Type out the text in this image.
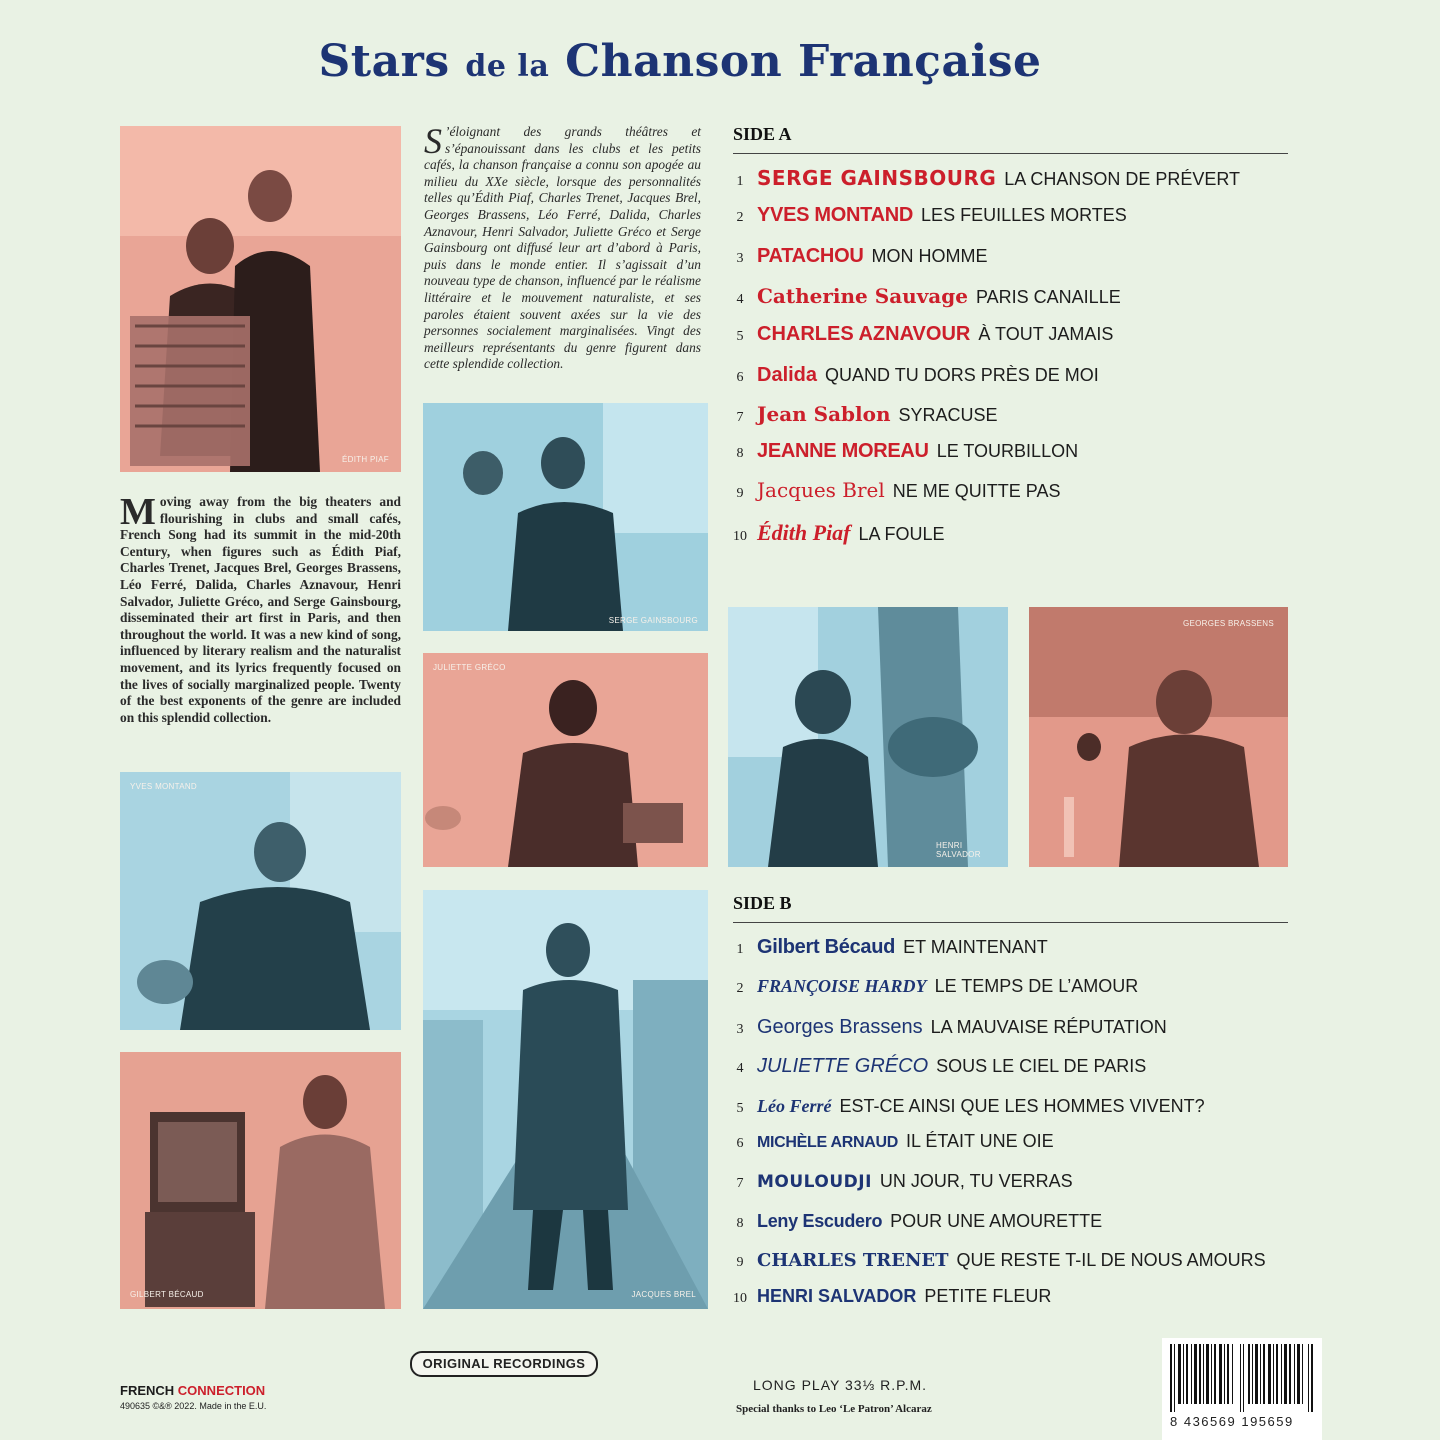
Stars de la Chanson Française
ÉDITH PIAF
Moving away from the big theaters and flourishing in clubs and small cafés, French Song had its summit in the mid-20th Century, when figures such as Édith Piaf, Charles Trenet, Jacques Brel, Georges Brassens, Léo Ferré, Dalida, Charles Aznavour, Henri Salvador, Juliette Gréco, and Serge Gainsbourg, disseminated their art first in Paris, and then throughout the world. It was a new kind of song, influenced by literary realism and the naturalist movement, and its lyrics frequently focused on the lives of socially marginalized people. Twenty of the best exponents of the genre are included on this splendid collection.
YVES MONTAND
GILBERT BÉCAUD
S ’éloignant des grands théâtres et s’épanouissant dans les clubs et les petits cafés, la chanson française a connu son apogée au milieu du XXe siècle, lorsque des personnalités telles qu’Édith Piaf, Charles Trenet, Jacques Brel, Georges Brassens, Léo Ferré, Dalida, Charles Aznavour, Henri Salvador, Juliette Gréco et Serge Gainsbourg ont diffusé leur art d’abord à Paris, puis dans le monde entier. Il s’agissait d’un nouveau type de chanson, influencé par le réalisme littéraire et le mouvement naturaliste, et ses paroles étaient souvent axées sur la vie des personnes socialement marginalisées. Vingt des meilleurs représentants du genre figurent dans cette splendide collection.
SERGE GAINSBOURG
JULIETTE GRÉCO
JACQUES BREL
HENRI SALVADOR
GEORGES BRASSENS
SIDE A
1 SERGE GAINSBOURG LA CHANSON DE PRÉVERT
2 YVES MONTAND LES FEUILLES MORTES
3 PATACHOU MON HOMME
4 Catherine Sauvage PARIS CANAILLE
5 CHARLES AZNAVOUR À TOUT JAMAIS
6 Dalida QUAND TU DORS PRÈS DE MOI
7 Jean Sablon SYRACUSE
8 JEANNE MOREAU LE TOURBILLON
9 Jacques Brel NE ME QUITTE PAS
10 Édith Piaf LA FOULE
SIDE B
1 Gilbert Bécaud ET MAINTENANT
2 FRANÇOISE HARDY LE TEMPS DE L’AMOUR
3 Georges Brassens LA MAUVAISE RÉPUTATION
4 JULIETTE GRÉCO SOUS LE CIEL DE PARIS
5 Léo Ferré EST-CE AINSI QUE LES HOMMES VIVENT?
6 MICHÈLE ARNAUD IL ÉTAIT UNE OIE
7 MOULOUDJI UN JOUR, TU VERRAS
8 Leny Escudero POUR UNE AMOURETTE
9 CHARLES TRENET QUE RESTE T-IL DE NOUS AMOURS
10 HENRI SALVADOR PETITE FLEUR
FRENCH CONNECTION
490635 ©&® 2022. Made in the E.U.
ORIGINAL RECORDINGS
LONG PLAY 33⅓ R.P.M.
Special thanks to Leo ‘Le Patron’ Alcaraz
8 436569 195659
